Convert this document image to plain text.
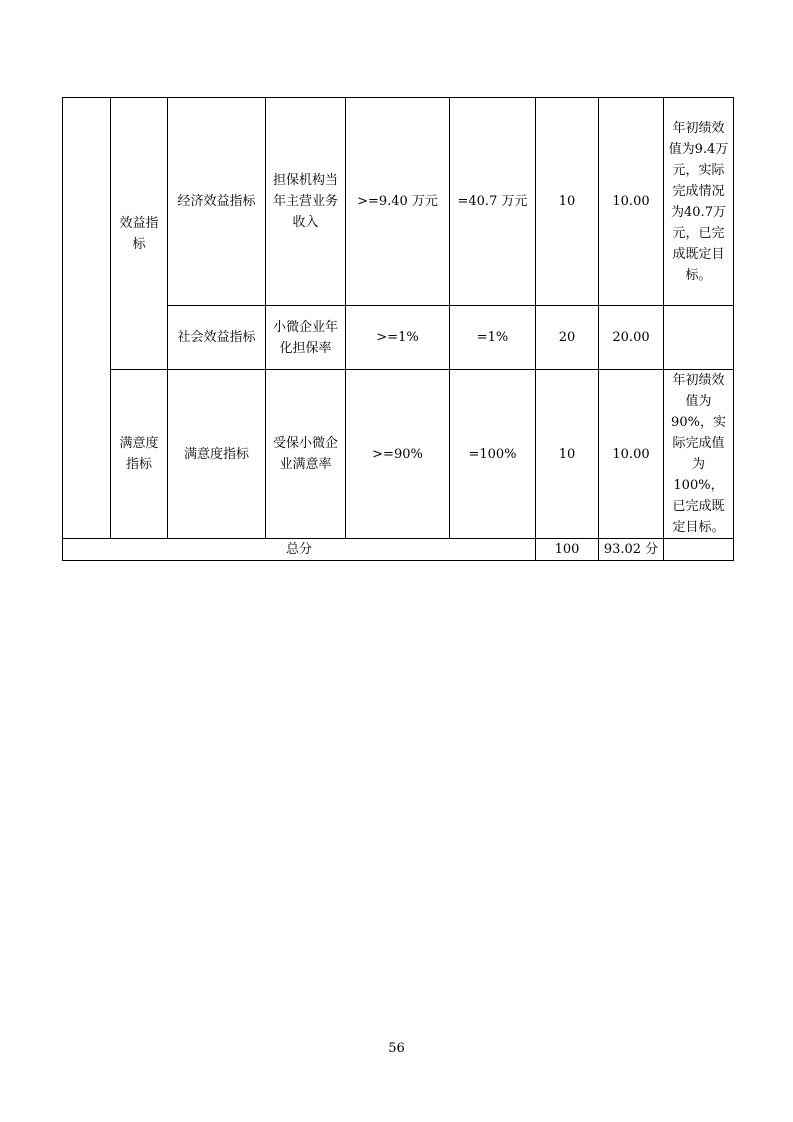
	效益指标	经济效益指标	担保机构当年主营业务收入	>=9.40 万元	=40.7 万元	10	10.00	年初绩效值为9.4万元，实际完成情况为40.7万元，已完成既定目标。
		社会效益指标	小微企业年化担保率	>=1%	=1%	20	20.00	
	满意度指标	满意度指标	受保小微企业满意率	>=90%	=100%	10	10.00	年初绩效值为90%，实际完成值为100%，已完成既定目标。
总分						100	93.02 分	
56
